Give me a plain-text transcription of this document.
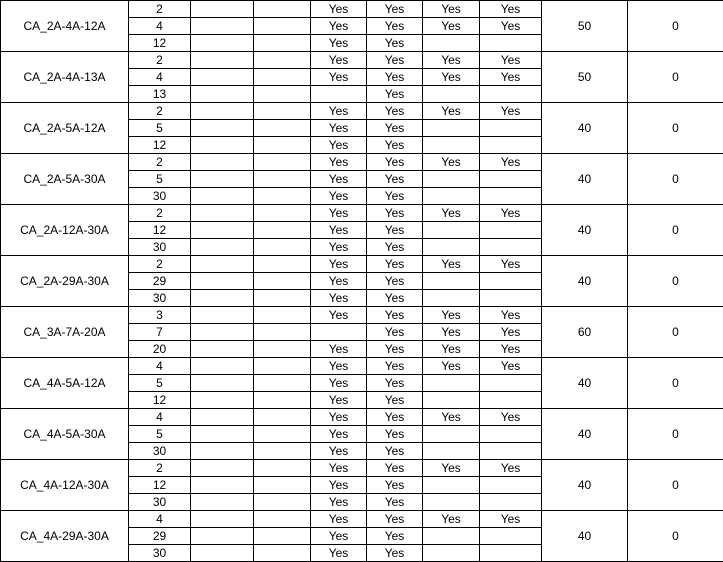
CA_2A-4A-12A	2			Yes	Yes	Yes	Yes	50	0
	4			Yes	Yes	Yes	Yes		
	12			Yes	Yes				
CA_2A-4A-13A	2			Yes	Yes	Yes	Yes	50	0
	4			Yes	Yes	Yes	Yes		
	13				Yes				
CA_2A-5A-12A	2			Yes	Yes	Yes	Yes	40	0
	5			Yes	Yes				
	12			Yes	Yes				
CA_2A-5A-30A	2			Yes	Yes	Yes	Yes	40	0
	5			Yes	Yes				
	30			Yes	Yes				
CA_2A-12A-30A	2			Yes	Yes	Yes	Yes	40	0
	12			Yes	Yes				
	30			Yes	Yes				
CA_2A-29A-30A	2			Yes	Yes	Yes	Yes	40	0
	29			Yes	Yes				
	30			Yes	Yes				
CA_3A-7A-20A	3			Yes	Yes	Yes	Yes	60	0
	7				Yes	Yes	Yes		
	20			Yes	Yes	Yes	Yes		
CA_4A-5A-12A	4			Yes	Yes	Yes	Yes	40	0
	5			Yes	Yes				
	12			Yes	Yes				
CA_4A-5A-30A	4			Yes	Yes	Yes	Yes	40	0
	5			Yes	Yes				
	30			Yes	Yes				
CA_4A-12A-30A	2			Yes	Yes	Yes	Yes	40	0
	12			Yes	Yes				
	30			Yes	Yes				
CA_4A-29A-30A	4			Yes	Yes	Yes	Yes	40	0
	29			Yes	Yes				
	30			Yes	Yes				
